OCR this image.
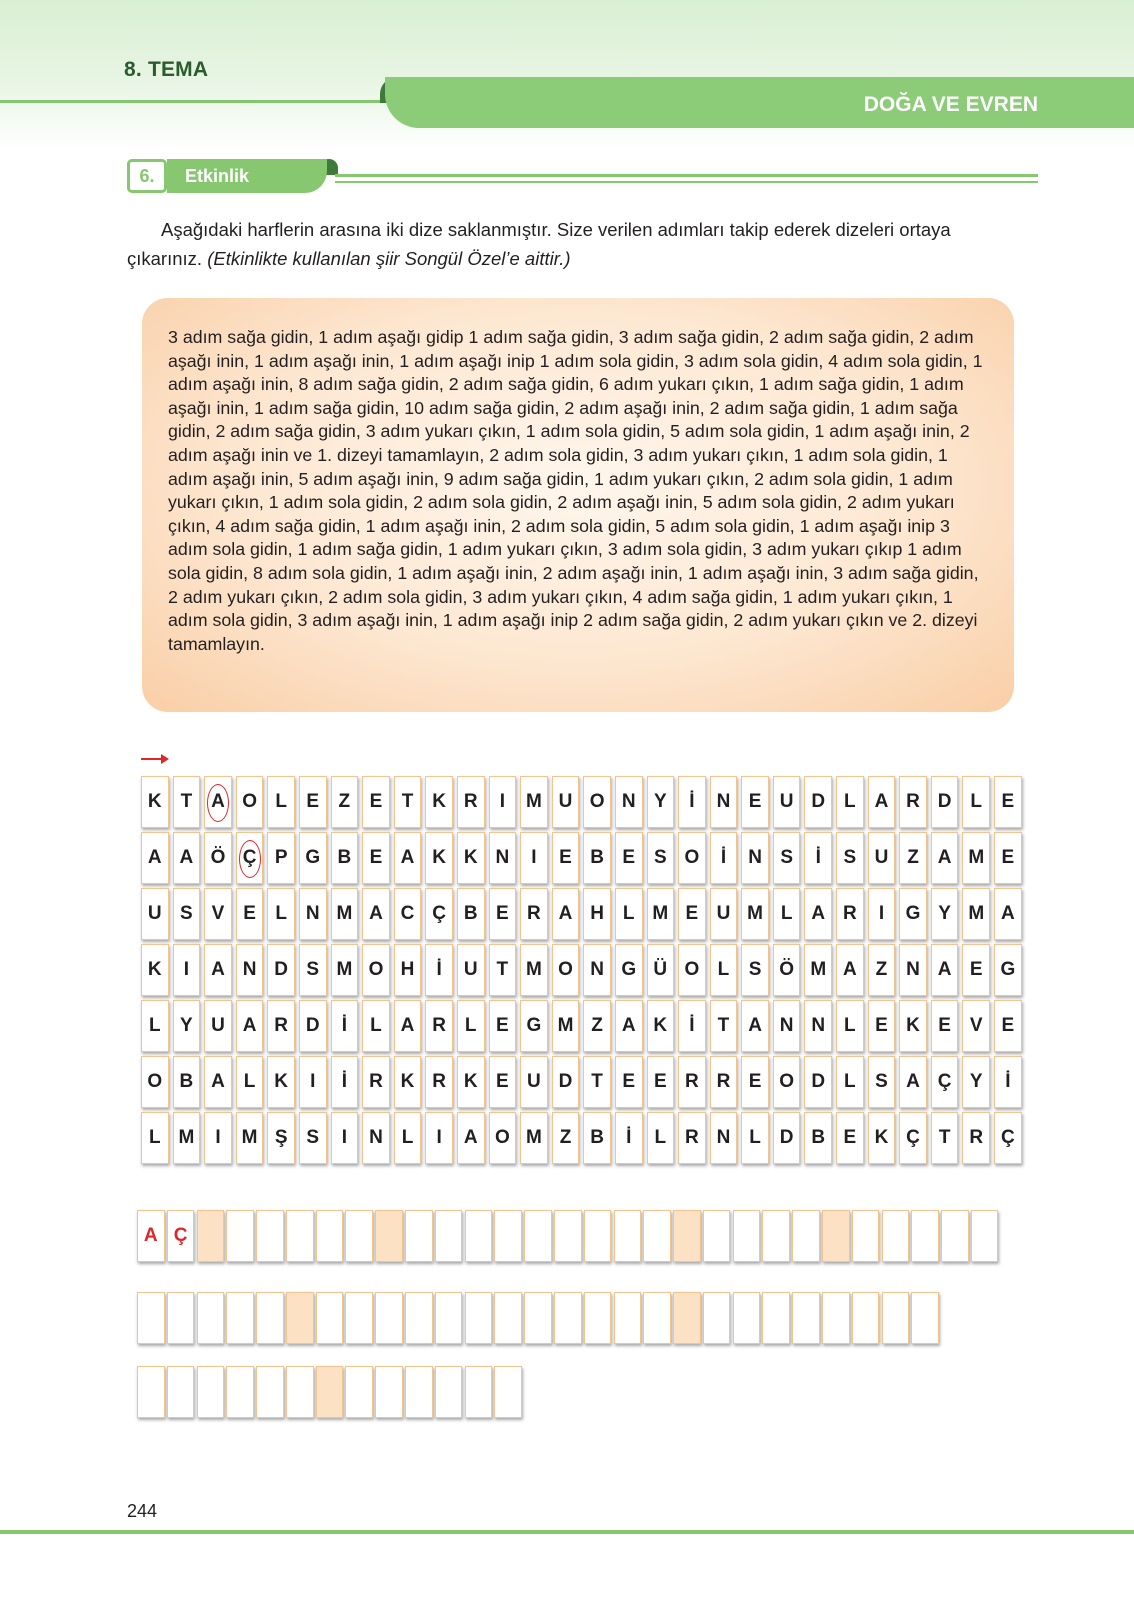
8. TEMA
DOĞA VE EVREN
6.	Etkinlik
Aşağıdaki harflerin arasına iki dize saklanmıştır. Size verilen adımları takip ederek dizeleri ortaya çıkarınız. (Etkinlikte kullanılan şiir Songül Özel’e aittir.)
3 adım sağa gidin, 1 adım aşağı gidip 1 adım sağa gidin, 3 adım sağa gidin, 2 adım sağa gidin, 2 adım aşağı inin, 1 adım aşağı inin, 1 adım aşağı inip 1 adım sola gidin, 3 adım sola gidin, 4 adım sola gidin, 1 adım aşağı inin, 8 adım sağa gidin, 2 adım sağa gidin, 6 adım yukarı çıkın, 1 adım sağa gidin, 1 adım aşağı inin, 1 adım sağa gidin, 10 adım sağa gidin, 2 adım aşağı inin, 2 adım sağa gidin, 1 adım sağa gidin, 2 adım sağa gidin, 3 adım yukarı çıkın, 1 adım sola gidin, 5 adım sola gidin, 1 adım aşağı inin, 2 adım aşağı inin ve 1. dizeyi tamamlayın, 2 adım sola gidin, 3 adım yukarı çıkın, 1 adım sola gidin, 1 adım aşağı inin, 5 adım aşağı inin, 9 adım sağa gidin, 1 adım yukarı çıkın, 2 adım sola gidin, 1 adım yukarı çıkın, 1 adım sola gidin, 2 adım sola gidin, 2 adım aşağı inin, 5 adım sola gidin, 2 adım yukarı çıkın, 4 adım sağa gidin, 1 adım aşağı inin, 2 adım sola gidin, 5 adım sola gidin, 1 adım aşağı inip 3 adım sola gidin, 1 adım sağa gidin, 1 adım yukarı çıkın, 3 adım sola gidin, 3 adım yukarı çıkıp 1 adım sola gidin, 8 adım sola gidin, 1 adım aşağı inin, 2 adım aşağı inin, 1 adım aşağı inin, 3 adım sağa gidin, 2 adım yukarı çıkın, 2 adım sola gidin, 3 adım yukarı çıkın, 4 adım sağa gidin, 1 adım yukarı çıkın, 1 adım sola gidin, 3 adım aşağı inin, 1 adım aşağı inip 2 adım sağa gidin, 2 adım yukarı çıkın ve 2. dizeyi tamamlayın.
K T A O L	E	Z	E	T K R	I	M U O N Y	İ	N E U D L A R D L	E
A A Ö Ç P G B E A K K N	I	E B E S O	İ	N S	İ	S U Z A M E
U S V E	L N M A C Ç B E R A H L M E U M L A R	I	G Y M A
K	I	A N D S M O H	İ	U T M O N G Ü O L	S Ö M A Z N A E G
L	Y U A R D	İ	L A R L	E G M Z A K	İ	T A N N L	E K E V E
O B A L K	I	İ	R K R K E U D T	E E R R E O D L	S A Ç Y	İ
L M	I	M Ş S	I	N L	I	A O M Z B	İ	L R N L D B E K Ç T R Ç
A Ç
244
